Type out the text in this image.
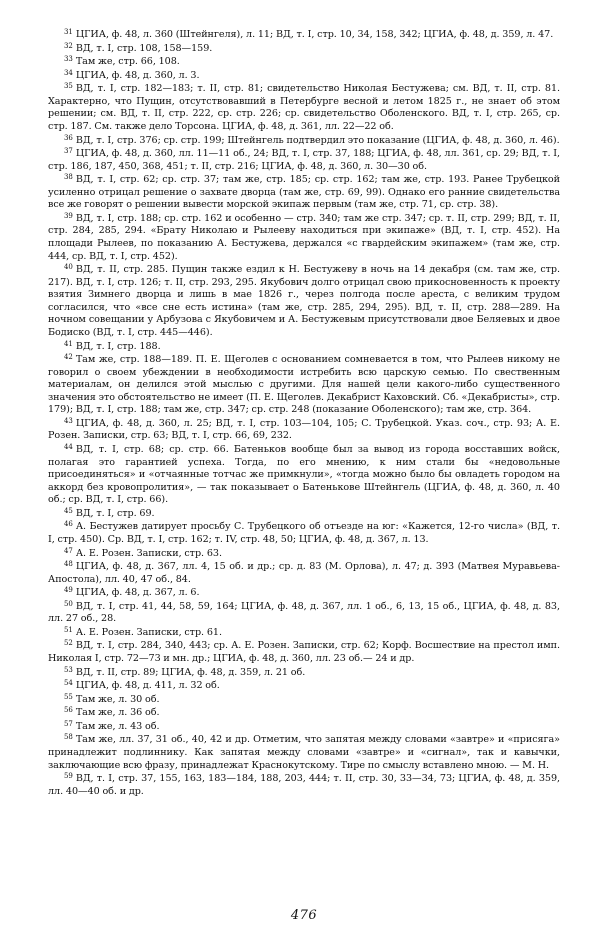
$^{31}$ ЦГИА, ф. 48, л. 360 (Штейнгеля), л. 11; ВД, т. I, стр. 10, 34, 158, 342; ЦГИА, ф. 48, д. 359, л. 47.

$^{32}$ ВД, т. I, стр. 108, 158—159.

$^{33}$ Там же, стр. 66, 108.

$^{34}$ ЦГИА, ф. 48, д. 360, л. 3.

$^{35}$ ВД, т. I, стр. 182—183; т. II, стр. 81; свидетельство Николая Бестужева; см. ВД, т. II, стр. 81. Характерно, что Пущин, отсутствовавший в Петербурге весной и летом 1825 г., не знает об этом решении; см. ВД, т. II, стр. 222, ср. стр. 226; ср. свидетельство Оболенского. ВД, т. I, стр. 265, ср. стр. 187. См. также дело Торсона. ЦГИА, ф. 48, д. 361, лл. 22—22 об.

$^{36}$ ВД, т. I, стр. 376; ср. стр. 199; Штейнгель подтвердил это показание (ЦГИА, ф. 48, д. 360, л. 46).

$^{37}$ ЦГИА, ф. 48, д. 360, лл. 11—11 об., 24; ВД, т. I, стр. 37, 188; ЦГИА, ф. 48, лл. 361, ср. 29; ВД, т. I, стр. 186, 187, 450, 368, 451; т. II, стр. 216; ЦГИА, ф. 48, д. 360, л. 30—30 об.

$^{38}$ ВД, т. I, стр. 62; ср. стр. 37; там же, стр. 185; ср. стр. 162; там же, стр. 193. Ранее Трубецкой усиленно отрицал решение о захвате дворца (там же, стр. 69, 99). Однако его ранние свидетельства все же говорят о решении вывести морской экипаж первым (там же, стр. 71, ср. стр. 38).

$^{39}$ ВД, т. I, стр. 188; ср. стр. 162 и особенно — стр. 340; там же стр. 347; ср. т. II, стр. 299; ВД, т. II, стр. 284, 285, 294. «Брату Николаю и Рылееву находиться при экипаже» (ВД, т. I, стр. 452). На площади Рылеев, по показанию А. Бестужева, держался «с гвардейским экипажем» (там же, стр. 444, ср. ВД, т. I, стр. 452).

$^{40}$ ВД, т. II, стр. 285. Пущин также ездил к Н. Бестужеву в ночь на 14 декабря (см. там же, стр. 217). ВД, т. I, стр. 126; т. II, стр. 293, 295. Якубович долго отрицал свою прикосновенность к проекту взятия Зимнего дворца и лишь в мае 1826 г., через полгода после ареста, с великим трудом согласился, что «все сне есть истина» (там же, стр. 285, 294, 295). ВД, т. II, стр. 288—289. На ночном совещании у Арбузова с Якубовичем и А. Бестужевым присутствовали двое Беляевых и двое Бодиско (ВД, т. I, стр. 445—446).

$^{41}$ ВД, т. I, стр. 188.

$^{42}$ Там же, стр. 188—189. П. Е. Щеголев с основанием сомневается в том, что Рылеев никому не говорил о своем убеждении в необходимости истребить всю царскую семью. По свественным материалам, он делился этой мыслью с другими. Для нашей цели какого-либо существенного значения это обстоятельство не имеет (П. Е. Щеголев. Декабрист Каховский. Сб. «Декабристы», стр. 179); ВД, т. I, стр. 188; там же, стр. 347; ср. стр. 248 (показание Оболенского); там же, стр. 364.

$^{43}$ ЦГИА, ф. 48, д. 360, л. 25; ВД, т. I, стр. 103—104, 105; С. Трубецкой. Указ. соч., стр. 93; А. Е. Розен. Записки, стр. 63; ВД, т. I, стр. 66, 69, 232.

$^{44}$ ВД, т. I, стр. 68; ср. стр. 66. Батеньков вообще был за вывод из города восставших войск, полагая это гарантией успеха. Тогда, по его мнению, к ним стали бы «недовольные присоединяться» и «отчаянные тотчас же примкнули», «тогда можно было бы овладеть городом на аккорд без кровопролития», — так показывает о Батенькове Штейнгель (ЦГИА, ф. 48, д. 360, л. 40 об.; ср. ВД, т. I, стр. 66).

$^{45}$ ВД, т. I, стр. 69.

$^{46}$ А. Бестужев датирует просьбу С. Трубецкого об отъезде на юг: «Кажется, 12-го числа» (ВД, т. I, стр. 450). Ср. ВД, т. I, стр. 162; т. IV, стр. 48, 50; ЦГИА, ф. 48, д. 367, л. 13.

$^{47}$ А. Е. Розен. Записки, стр. 63.

$^{48}$ ЦГИА, ф. 48, д. 367, лл. 4, 15 об. и др.; ср. д. 83 (М. Орлова), л. 47; д. 393 (Матвея Муравьева-Апостола), лл. 40, 47 об., 84.

$^{49}$ ЦГИА, ф. 48, д. 367, л. 6.

$^{50}$ ВД, т. I, стр. 41, 44, 58, 59, 164; ЦГИА, ф. 48, д. 367, лл. 1 об., 6, 13, 15 об., ЦГИА, ф. 48, д. 83, лл. 27 об., 28.

$^{51}$ А. Е. Розен. Записки, стр. 61.

$^{52}$ ВД, т. I, стр. 284, 340, 443; ср. А. Е. Розен. Записки, стр. 62; Корф. Восшествие на престол имп. Николая I, стр. 72—73 и мн. др.; ЦГИА, ф. 48, д. 360, лл. 23 об.— 24 и др.

$^{53}$ ВД, т. II, стр. 89; ЦГИА, ф. 48, д. 359, л. 21 об.

$^{54}$ ЦГИА, ф. 48, д. 411, л. 32 об.

$^{55}$ Там же, л. 30 об.

$^{56}$ Там же, л. 36 об.

$^{57}$ Там же, л. 43 об.

$^{58}$ Там же, лл. 37, 31 об., 40, 42 и др. Отметим, что запятая между словами «завтре» и «присяга» принадлежит подлиннику. Как запятая между словами «завтре» и «сигнал», так и кавычки, заключающие всю фразу, принадлежат Краснокутскому. Тире по смыслу вставлено мною. — М. Н.

$^{59}$ ВД, т. I, стр. 37, 155, 163, 183—184, 188, 203, 444; т. II, стр. 30, 33—34, 73; ЦГИА, ф. 48, д. 359, лл. 40—40 об. и др.

476
